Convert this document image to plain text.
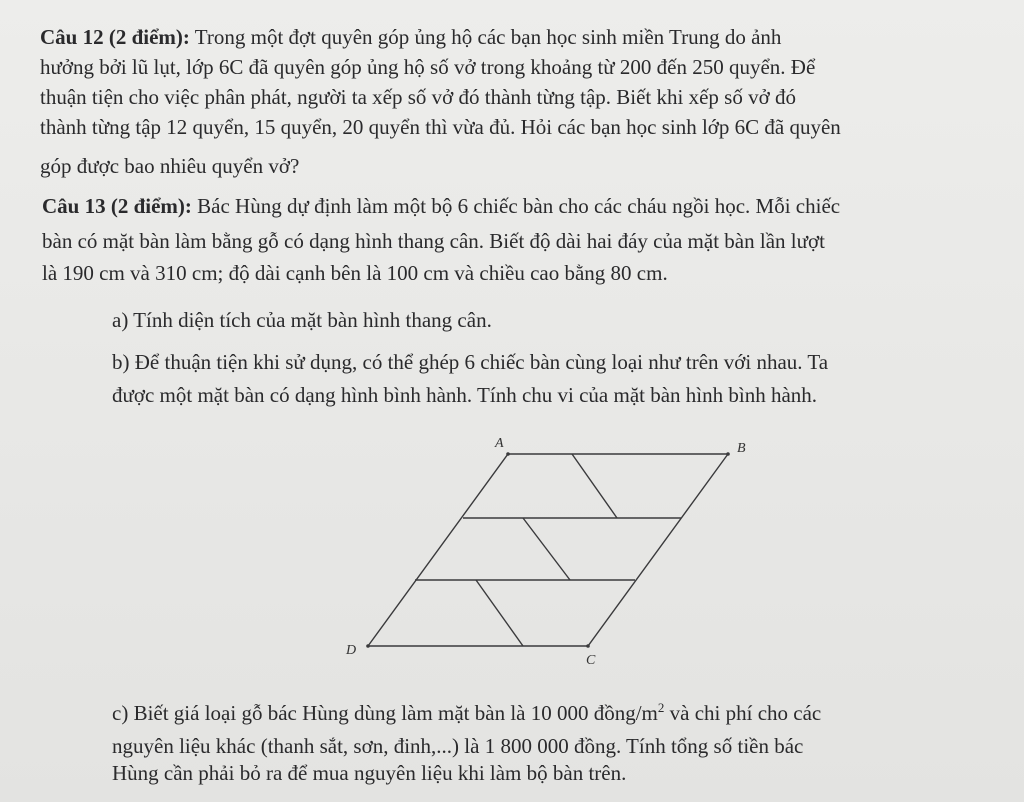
Câu 12 (2 điểm): Trong một đợt quyên góp ủng hộ các bạn học sinh miền Trung do ảnh
hưởng bởi lũ lụt, lớp 6C đã quyên góp ủng hộ số vở trong khoảng từ 200 đến 250 quyển. Để
thuận tiện cho việc phân phát, người ta xếp số vở đó thành từng tập. Biết khi xếp số vở đó
thành từng tập 12 quyển, 15 quyển, 20 quyển thì vừa đủ. Hỏi các bạn học sinh lớp 6C đã quyên
góp được bao nhiêu quyển vở?
Câu 13 (2 điểm): Bác Hùng dự định làm một bộ 6 chiếc bàn cho các cháu ngồi học. Mỗi chiếc
bàn có mặt bàn làm bằng gỗ có dạng hình thang cân. Biết độ dài hai đáy của mặt bàn lần lượt
là 190 cm và 310 cm; độ dài cạnh bên là 100 cm và chiều cao bằng 80 cm.
a) Tính diện tích của mặt bàn hình thang cân.
b) Để thuận tiện khi sử dụng, có thể ghép 6 chiếc bàn cùng loại như trên với nhau. Ta
được một mặt bàn có dạng hình bình hành. Tính chu vi của mặt bàn hình bình hành.
A	B
C
D
c) Biết giá loại gỗ bác Hùng dùng làm mặt bàn là 10 000 đồng/$m^2$ và chi phí cho các
nguyên liệu khác (thanh sắt, sơn, đinh,...) là 1 800 000 đồng. Tính tổng số tiền bác
Hùng cần phải bỏ ra để mua nguyên liệu khi làm bộ bàn trên.
